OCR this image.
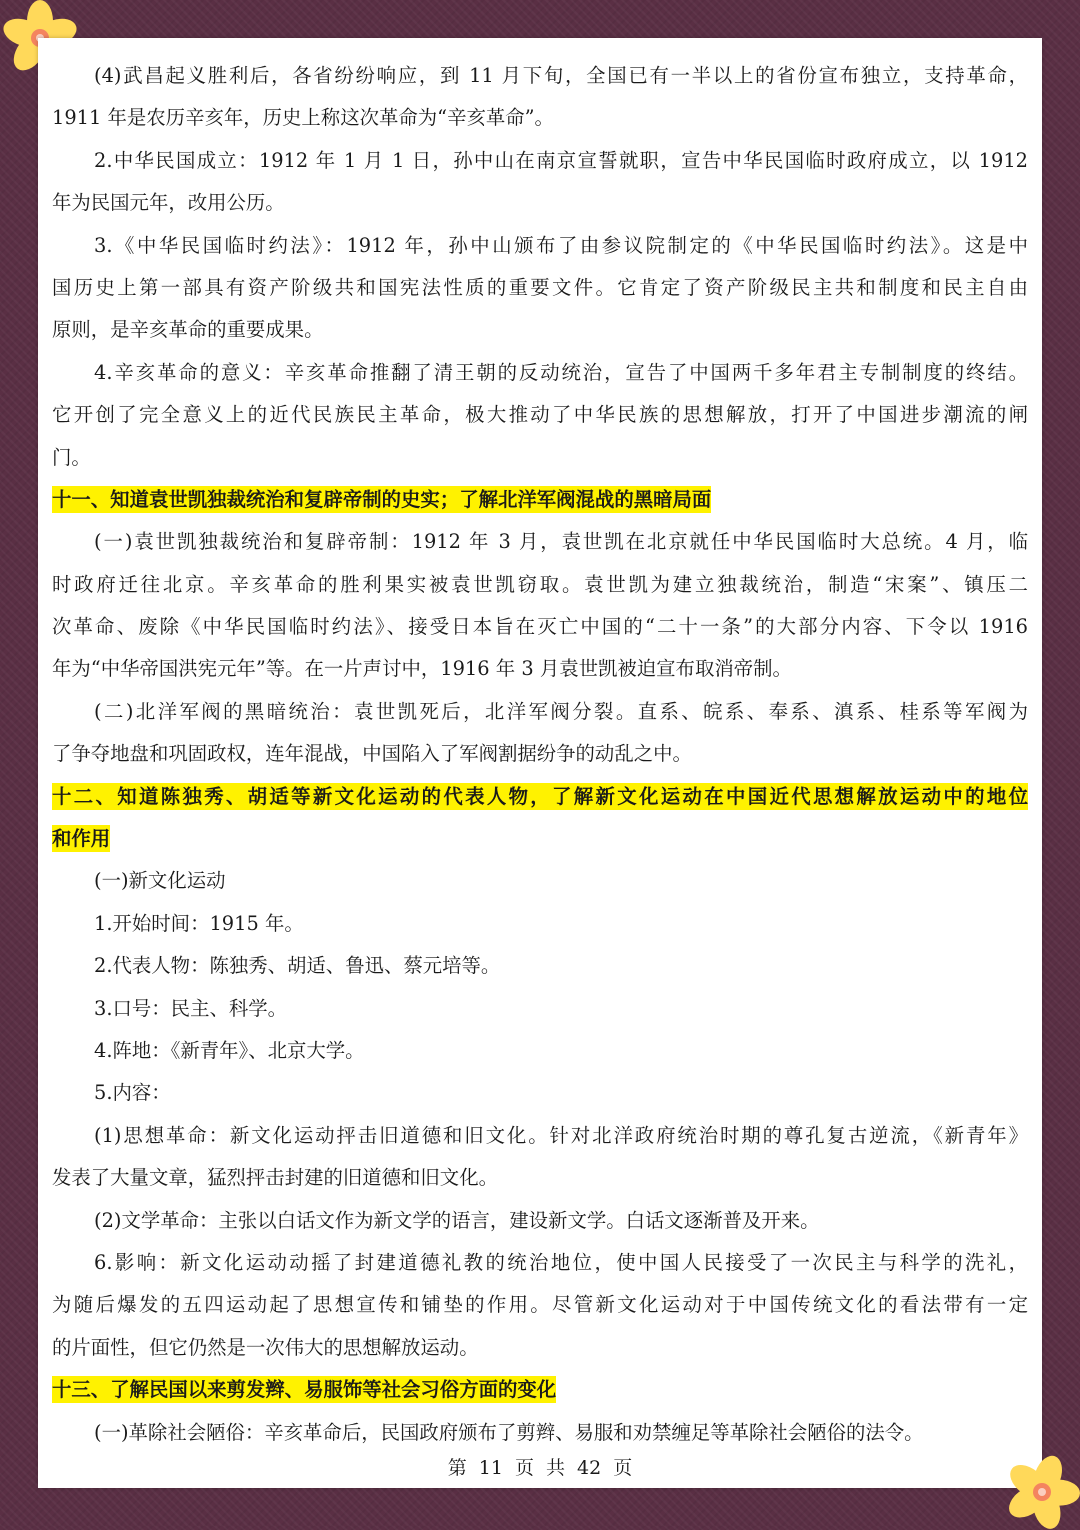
(4)武昌起义胜利后，各省纷纷响应，到 11 月下旬，全国已有一半以上的省份宣布独立，支持革命，
1911 年是农历辛亥年，历史上称这次革命为“辛亥革命”。
2.中华民国成立：1912 年 1 月 1 日，孙中山在南京宣誓就职，宣告中华民国临时政府成立，以 1912
年为民国元年，改用公历。
3.《中华民国临时约法》：1912 年，孙中山颁布了由参议院制定的《中华民国临时约法》。这是中
国历史上第一部具有资产阶级共和国宪法性质的重要文件。它肯定了资产阶级民主共和制度和民主自由
原则，是辛亥革命的重要成果。
4.辛亥革命的意义：辛亥革命推翻了清王朝的反动统治，宣告了中国两千多年君主专制制度的终结。
它开创了完全意义上的近代民族民主革命，极大推动了中华民族的思想解放，打开了中国进步潮流的闸
门。
十一、知道袁世凯独裁统治和复辟帝制的史实；了解北洋军阀混战的黑暗局面
(一)袁世凯独裁统治和复辟帝制：1912 年 3 月，袁世凯在北京就任中华民国临时大总统。4 月，临
时政府迁往北京。辛亥革命的胜利果实被袁世凯窃取。袁世凯为建立独裁统治，制造“宋案”、镇压二
次革命、废除《中华民国临时约法》、接受日本旨在灭亡中国的“二十一条”的大部分内容、下令以 1916
年为“中华帝国洪宪元年”等。在一片声讨中，1916 年 3 月袁世凯被迫宣布取消帝制。
(二)北洋军阀的黑暗统治：袁世凯死后，北洋军阀分裂。直系、皖系、奉系、滇系、桂系等军阀为
了争夺地盘和巩固政权，连年混战，中国陷入了军阀割据纷争的动乱之中。
十二、知道陈独秀、胡适等新文化运动的代表人物，了解新文化运动在中国近代思想解放运动中的地位
和作用
(一)新文化运动
1.开始时间：1915 年。
2.代表人物：陈独秀、胡适、鲁迅、蔡元培等。
3.口号：民主、科学。
4.阵地：《新青年》、北京大学。
5.内容：
(1)思想革命：新文化运动抨击旧道德和旧文化。针对北洋政府统治时期的尊孔复古逆流，《新青年》
发表了大量文章，猛烈抨击封建的旧道德和旧文化。
(2)文学革命：主张以白话文作为新文学的语言，建设新文学。白话文逐渐普及开来。
6.影响：新文化运动动摇了封建道德礼教的统治地位，使中国人民接受了一次民主与科学的洗礼，
为随后爆发的五四运动起了思想宣传和铺垫的作用。尽管新文化运动对于中国传统文化的看法带有一定
的片面性，但它仍然是一次伟大的思想解放运动。
十三、了解民国以来剪发辫、易服饰等社会习俗方面的变化
(一)革除社会陋俗：辛亥革命后，民国政府颁布了剪辫、易服和劝禁缠足等革除社会陋俗的法令。
第 11 页 共 42 页
